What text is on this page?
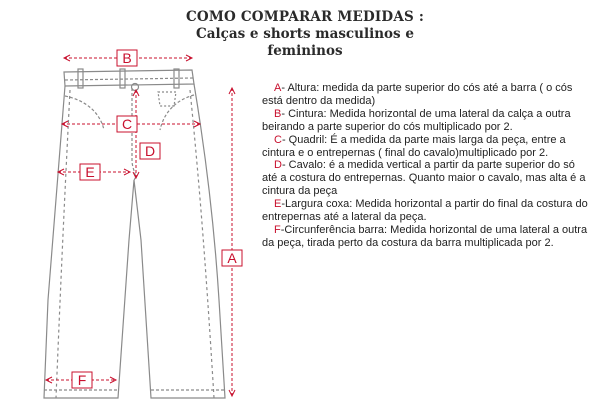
COMO COMPARAR MEDIDAS :
Calças e shorts masculinos e
femininos
B
C
D
E
A
F

A- Altura: medida da parte superior do cós até a barra ( o cós está dentro da medida)

B- Cintura: Medida horizontal de uma lateral da calça a outra beirando a parte superior do cós multiplicado por 2.

C- Quadril: É a medida da parte mais larga da peça, entre a cintura e o entrepernas ( final do cavalo)multiplicado por 2.

D- Cavalo: é a medida vertical a partir da parte superior do só até a costura do entrepernas. Quanto maior o cavalo, mas alta é a cintura da peça

E-Largura coxa: Medida horizontal a partir do final da costura do entrepernas até a lateral da peça.

F-Circunferência barra: Medida horizontal de uma lateral a outra da peça, tirada perto da costura da barra multiplicada por 2.
